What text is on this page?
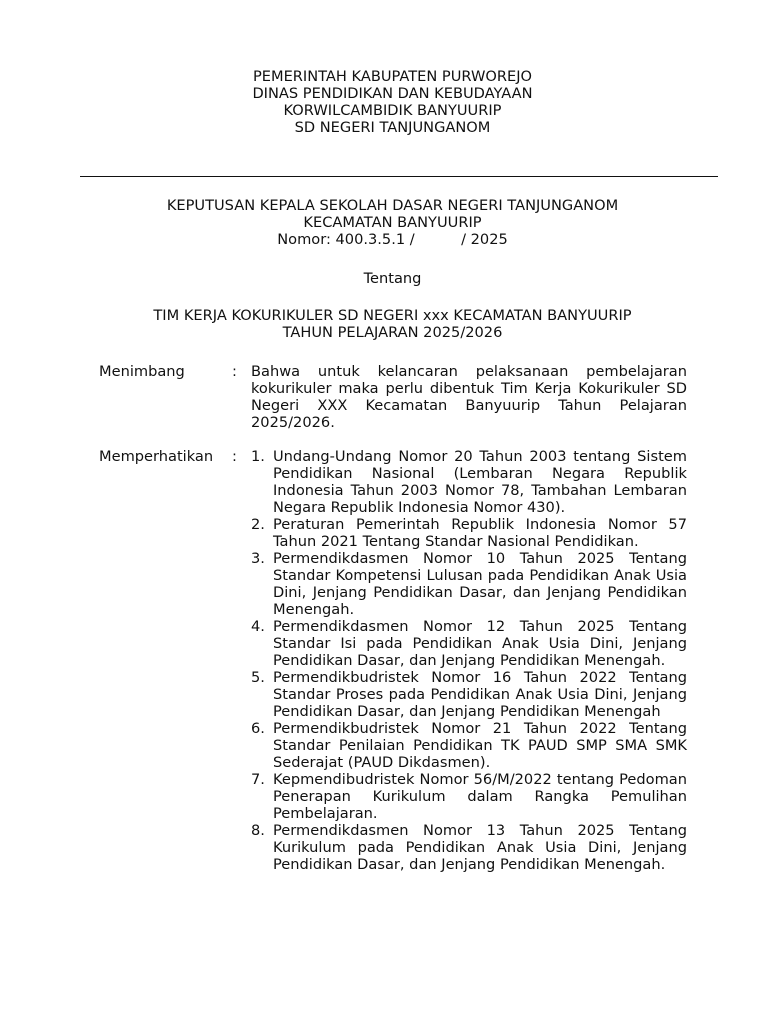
PEMERINTAH KABUPATEN PURWOREJO
DINAS PENDIDIKAN DAN KEBUDAYAAN
KORWILCAMBIDIK BANYUURIP
SD NEGERI TANJUNGANOM
KEPUTUSAN KEPALA SEKOLAH DASAR NEGERI TANJUNGANOM
KECAMATAN BANYUURIP
Nomor: 400.3.5.1 /          / 2025
Tentang
TIM KERJA KOKURIKULER SD NEGERI xxx KECAMATAN BANYUURIP
TAHUN PELAJARAN 2025/2026
Menimbang	: Bahwa untuk kelancaran pelaksanaan pembelajaran kokurikuler maka perlu dibentuk Tim Kerja Kokurikuler SD Negeri XXX Kecamatan Banyuurip Tahun Pelajaran 2025/2026.
Memperhatikan : 1. Undang-Undang Nomor 20 Tahun 2003 tentang Sistem Pendidikan Nasional (Lembaran Negara Republik Indonesia Tahun 2003 Nomor 78, Tambahan Lembaran Negara Republik Indonesia Nomor 430).
2. Peraturan Pemerintah Republik Indonesia Nomor 57 Tahun 2021 Tentang Standar Nasional Pendidikan.
3. Permendikdasmen Nomor 10 Tahun 2025 Tentang Standar Kompetensi Lulusan pada Pendidikan Anak Usia Dini, Jenjang Pendidikan Dasar, dan Jenjang Pendidikan Menengah.
4. Permendikdasmen Nomor 12 Tahun 2025 Tentang Standar Isi pada Pendidikan Anak Usia Dini, Jenjang Pendidikan Dasar, dan Jenjang Pendidikan Menengah.
5. Permendikbudristek Nomor 16 Tahun 2022 Tentang Standar Proses pada Pendidikan Anak Usia Dini, Jenjang Pendidikan Dasar, dan Jenjang Pendidikan Menengah
6. Permendikbudristek Nomor 21 Tahun 2022 Tentang Standar Penilaian Pendidikan TK PAUD SMP SMA SMK Sederajat (PAUD Dikdasmen).
7. Kepmendibudristek Nomor 56/M/2022 tentang Pedoman Penerapan Kurikulum dalam Rangka Pemulihan Pembelajaran.
8. Permendikdasmen Nomor 13 Tahun 2025 Tentang Kurikulum pada Pendidikan Anak Usia Dini, Jenjang Pendidikan Dasar, dan Jenjang Pendidikan Menengah.
